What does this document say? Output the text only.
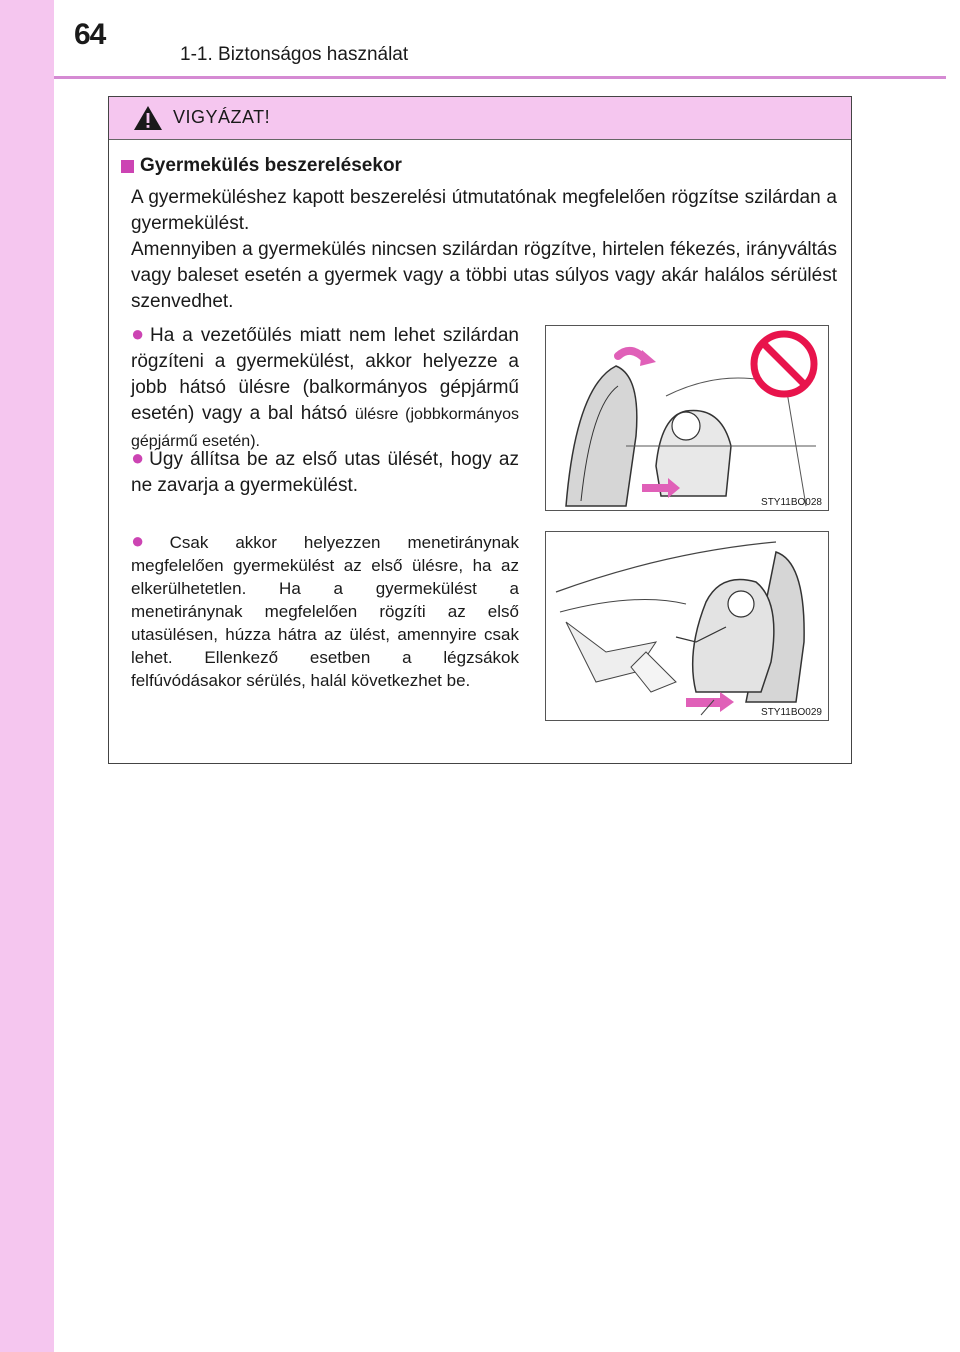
64
1-1. Biztonságos használat
VIGYÁZAT!
Gyermekülés beszerelésekor

A gyermeküléshez kapott beszerelési útmutatónak megfelelően rögzítse szilárdan a gyermekülést.

Amennyiben a gyermekülés nincsen szilárdan rögzítve, hirtelen fékezés, irányváltás vagy baleset esetén a gyermek vagy a többi utas súlyos vagy akár halálos sérülést szenvedhet.

● Ha a vezetőülés miatt nem lehet szilárdan rögzíteni a gyermekülést, akkor helyezze a jobb hátsó ülésre (balkormányos gépjármű esetén) vagy a bal hátsó ülésre (jobbkormányos gépjármű esetén).

● Úgy állítsa be az első utas ülését, hogy az ne zavarja a gyermekülést.

● Csak akkor helyezzen menetiránynak megfelelően gyermekülést az első ülésre, ha az elkerülhetetlen. Ha a gyermekülést a menetiránynak megfelelően rögzíti az első utasülésen, húzza hátra az ülést, amennyire csak lehet. Ellenkező esetben a légzsákok felfúvódásakor sérülés, halál következhet be.

STY11BO028
STY11BO029
